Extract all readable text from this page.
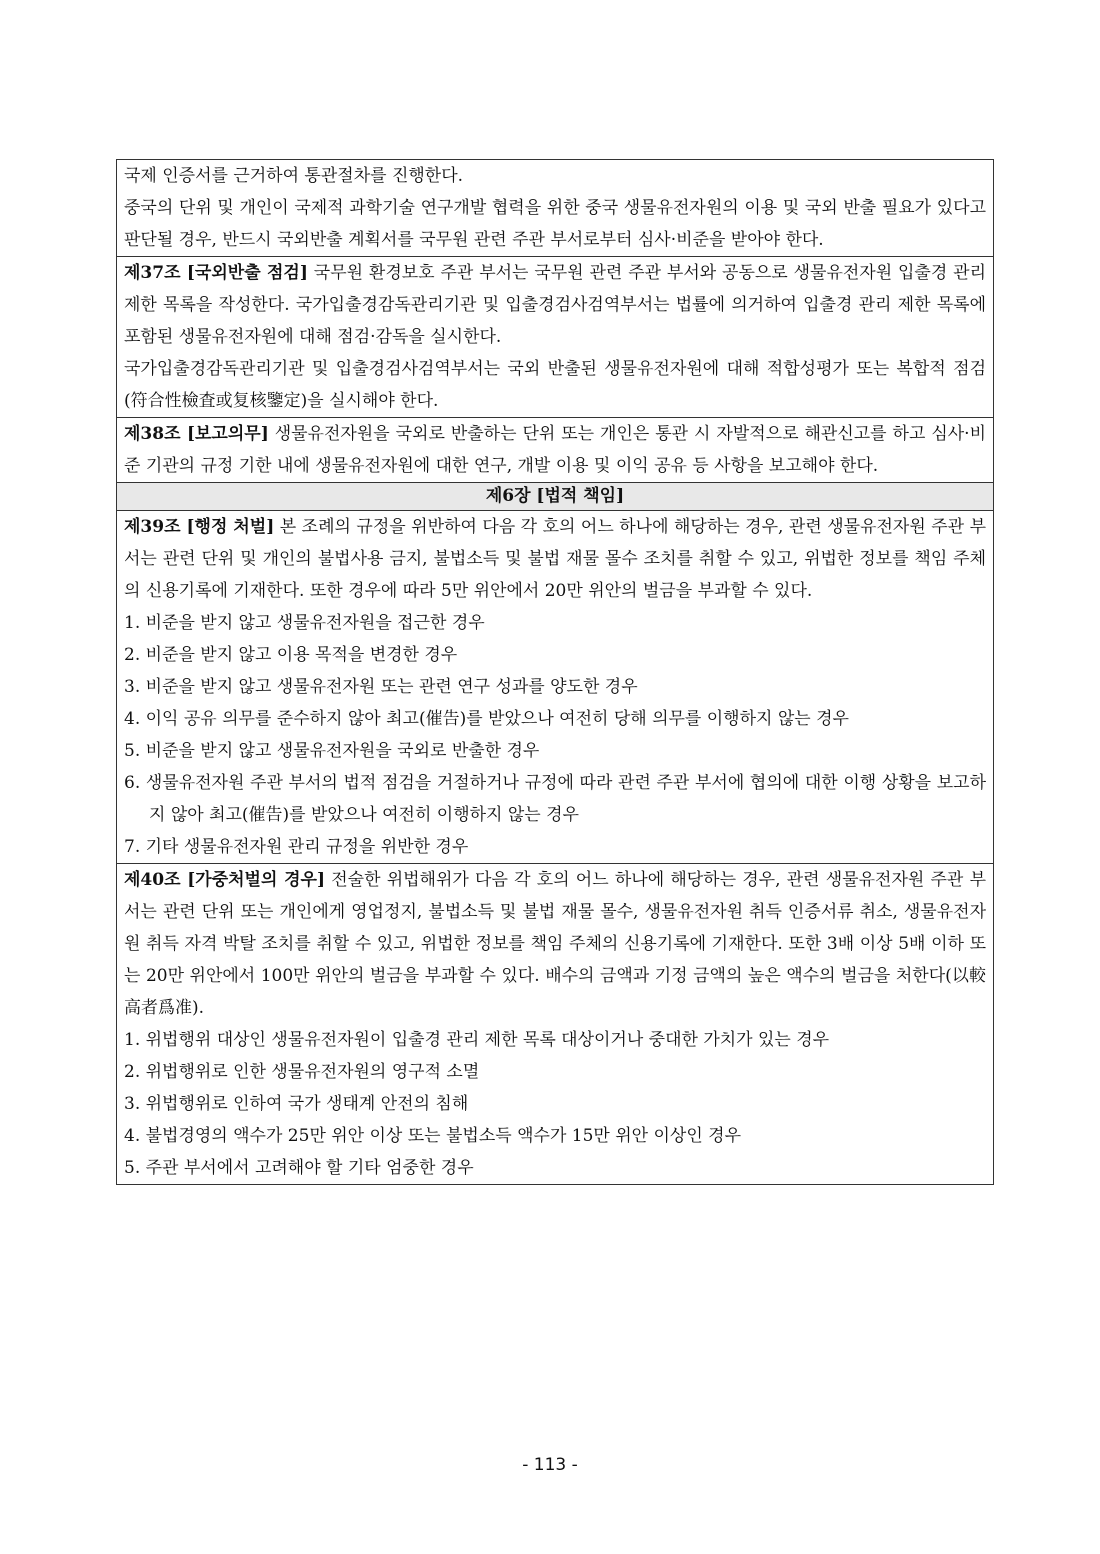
국제 인증서를 근거하여 통관절차를 진행한다.

중국의 단위 및 개인이 국제적 과학기술 연구개발 협력을 위한 중국 생물유전자원의 이용 및 국외 반출 필요가 있다고 판단될 경우, 반드시 국외반출 계획서를 국무원 관련 주관 부서로부터 심사·비준을 받아야 한다.

제37조 [국외반출 점검] 국무원 환경보호 주관 부서는 국무원 관련 주관 부서와 공동으로 생물유전자원 입출경 관리 제한 목록을 작성한다. 국가입출경감독관리기관 및 입출경검사검역부서는 법률에 의거하여 입출경 관리 제한 목록에 포함된 생물유전자원에 대해 점검·감독을 실시한다.

국가입출경감독관리기관 및 입출경검사검역부서는 국외 반출된 생물유전자원에 대해 적합성평가 또는 복합적 점검(符合性檢査或复核鑒定)을 실시해야 한다.

제38조 [보고의무] 생물유전자원을 국외로 반출하는 단위 또는 개인은 통관 시 자발적으로 해관신고를 하고 심사·비준 기관의 규정 기한 내에 생물유전자원에 대한 연구, 개발 이용 및 이익 공유 등 사항을 보고해야 한다.

제6장 [법적 책임]

제39조 [행정 처벌] 본 조례의 규정을 위반하여 다음 각 호의 어느 하나에 해당하는 경우, 관련 생물유전자원 주관 부서는 관련 단위 및 개인의 불법사용 금지, 불법소득 및 불법 재물 몰수 조치를 취할 수 있고, 위법한 정보를 책임 주체의 신용기록에 기재한다. 또한 경우에 따라 5만 위안에서 20만 위안의 벌금을 부과할 수 있다.

1. 비준을 받지 않고 생물유전자원을 접근한 경우
2. 비준을 받지 않고 이용 목적을 변경한 경우
3. 비준을 받지 않고 생물유전자원 또는 관련 연구 성과를 양도한 경우
4. 이익 공유 의무를 준수하지 않아 최고(催告)를 받았으나 여전히 당해 의무를 이행하지 않는 경우
5. 비준을 받지 않고 생물유전자원을 국외로 반출한 경우
6. 생물유전자원 주관 부서의 법적 점검을 거절하거나 규정에 따라 관련 주관 부서에 협의에 대한 이행 상황을 보고하지 않아 최고(催告)를 받았으나 여전히 이행하지 않는 경우
7. 기타 생물유전자원 관리 규정을 위반한 경우

제40조 [가중처벌의 경우] 전술한 위법해위가 다음 각 호의 어느 하나에 해당하는 경우, 관련 생물유전자원 주관 부서는 관련 단위 또는 개인에게 영업정지, 불법소득 및 불법 재물 몰수, 생물유전자원 취득 인증서류 취소, 생물유전자원 취득 자격 박탈 조치를 취할 수 있고, 위법한 정보를 책임 주체의 신용기록에 기재한다. 또한 3배 이상 5배 이하 또는 20만 위안에서 100만 위안의 벌금을 부과할 수 있다. 배수의 금액과 기정 금액의 높은 액수의 벌금을 처한다(以較高者爲准).

1. 위법행위 대상인 생물유전자원이 입출경 관리 제한 목록 대상이거나 중대한 가치가 있는 경우
2. 위법행위로 인한 생물유전자원의 영구적 소멸
3. 위법행위로 인하여 국가 생태계 안전의 침해
4. 불법경영의 액수가 25만 위안 이상 또는 불법소득 액수가 15만 위안 이상인 경우
5. 주관 부서에서 고려해야 할 기타 엄중한 경우
- 113 -
